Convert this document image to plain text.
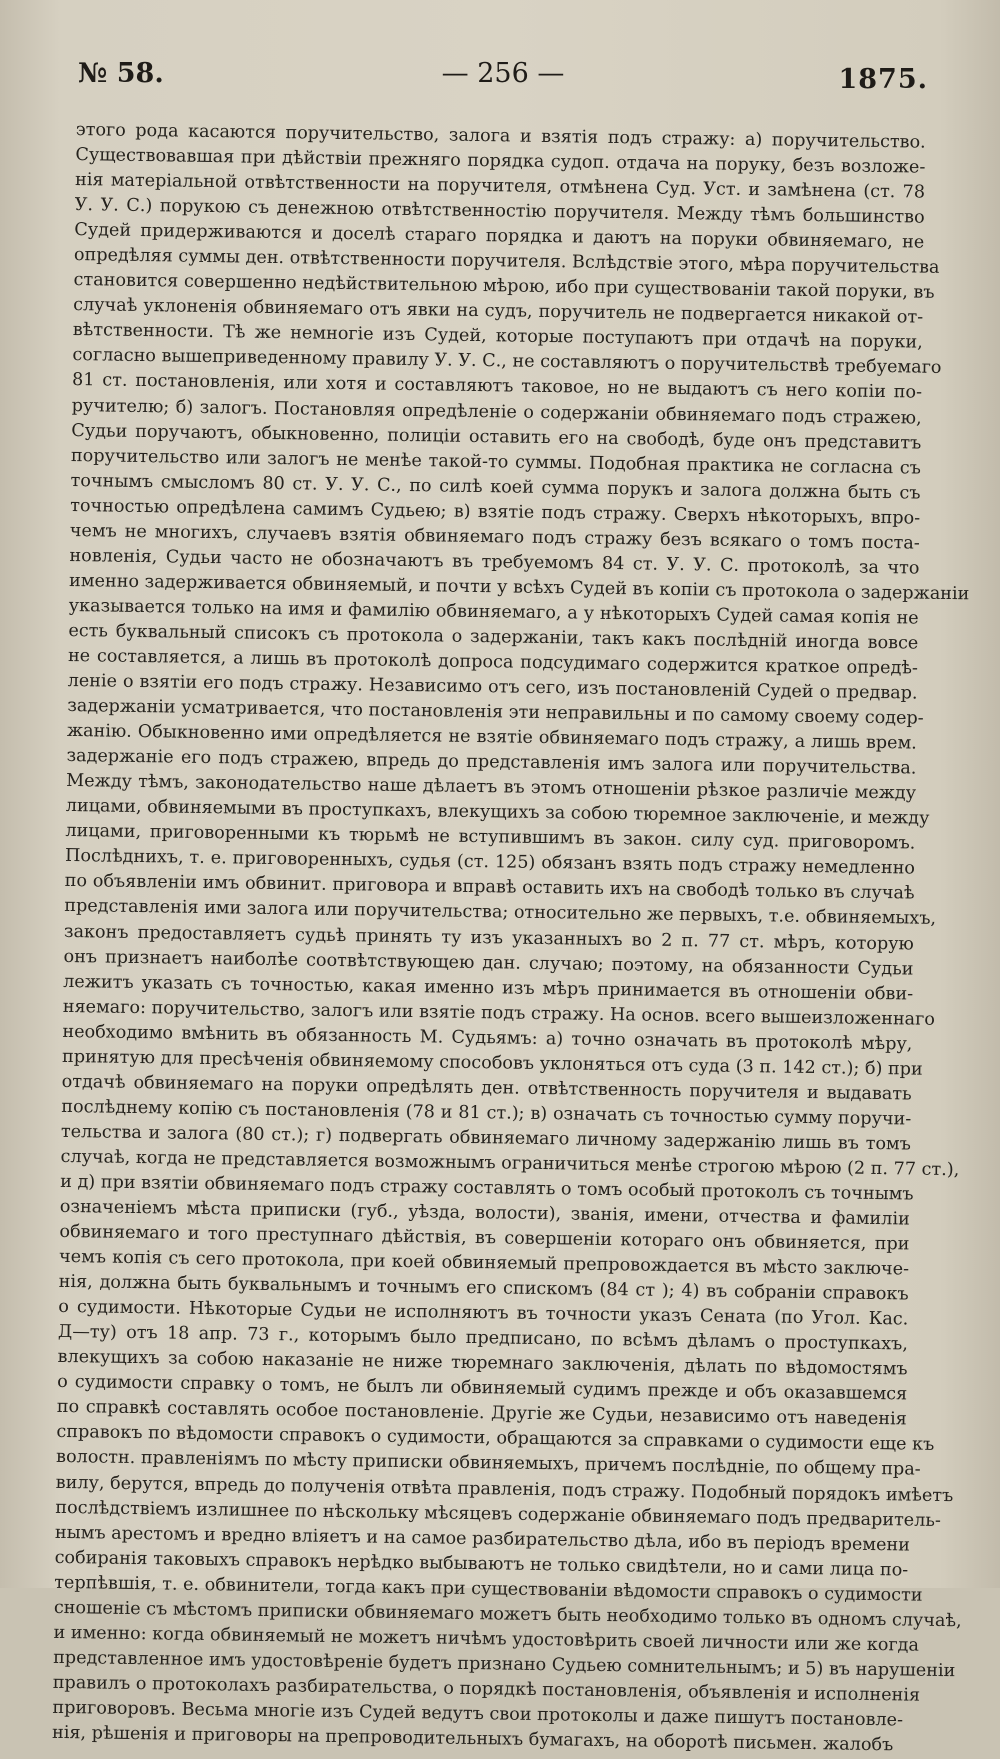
№ 58.	— 256 —	1875.
этого рода касаются поручительство, залога и взятія подъ стражу: а) поручительство.
Существовавшая при дѣйствіи прежняго порядка судоп. отдача на поруку, безъ возложе-
нія матеріальной отвѣтственности на поручителя, отмѣнена Суд. Уст. и замѣнена (ст. 78
У. У. С.) порукою съ денежною отвѣтственностію поручителя. Между тѣмъ большинство
Судей придерживаются и доселѣ стараго порядка и даютъ на поруки обвиняемаго, не
опредѣляя суммы ден. отвѣтственности поручителя. Вслѣдствіе этого, мѣра поручительства
становится совершенно недѣйствительною мѣрою, ибо при существованіи такой поруки, въ
случаѣ уклоненія обвиняемаго отъ явки на судъ, поручитель не подвергается никакой от-
вѣтственности. Тѣ же немногіе изъ Судей, которые поступаютъ при отдачѣ на поруки,
согласно вышеприведенному правилу У. У. С., не составляютъ о поручительствѣ требуемаго
81 ст. постановленія, или хотя и составляютъ таковое, но не выдаютъ съ него копіи по-
ручителю; б) залогъ. Постановляя опредѣленіе о содержаніи обвиняемаго подъ стражею,
Судьи поручаютъ, обыкновенно, полиціи оставить его на свободѣ, буде онъ представитъ
поручительство или залогъ не менѣе такой-то суммы. Подобная практика не согласна съ
точнымъ смысломъ 80 ст. У. У. С., по силѣ коей сумма порукъ и залога должна быть съ
точностью опредѣлена самимъ Судьею; в) взятіе подъ стражу. Сверхъ нѣкоторыхъ, впро-
чемъ не многихъ, случаевъ взятія обвиняемаго подъ стражу безъ всякаго о томъ поста-
новленія, Судьи часто не обозначаютъ въ требуемомъ 84 ст. У. У. С. протоколѣ, за что
именно задерживается обвиняемый, и почти у всѣхъ Судей въ копіи съ протокола о задержаніи
указывается только на имя и фамилію обвиняемаго, а у нѣкоторыхъ Судей самая копія не
есть буквальный списокъ съ протокола о задержаніи, такъ какъ послѣдній иногда вовсе
не составляется, а лишь въ протоколѣ допроса подсудимаго содержится краткое опредѣ-
леніе о взятіи его подъ стражу. Независимо отъ сего, изъ постановленій Судей о предвар.
задержаніи усматривается, что постановленія эти неправильны и по самому своему содер-
жанію. Обыкновенно ими опредѣляется не взятіе обвиняемаго подъ стражу, а лишь врем.
задержаніе его подъ стражею, впредь до представленія имъ залога или поручительства.
Между тѣмъ, законодательство наше дѣлаетъ въ этомъ отношеніи рѣзкое различіе между
лицами, обвиняемыми въ проступкахъ, влекущихъ за собою тюремное заключеніе, и между
лицами, приговоренными къ тюрьмѣ не вступившимъ въ закон. силу суд. приговоромъ.
Послѣднихъ, т. е. приговоренныхъ, судья (ст. 125) обязанъ взять подъ стражу немедленно
по объявленіи имъ обвинит. приговора и вправѣ оставить ихъ на свободѣ только въ случаѣ
представленія ими залога или поручительства; относительно же первыхъ, т.е. обвиняемыхъ,
законъ предоставляетъ судьѣ принять ту изъ указанныхъ во 2 п. 77 ст. мѣръ, которую
онъ признаетъ наиболѣе соотвѣтствующею дан. случаю; поэтому, на обязанности Судьи
лежитъ указать съ точностью, какая именно изъ мѣръ принимается въ отношеніи обви-
няемаго: поручительство, залогъ или взятіе подъ стражу. На основ. всего вышеизложеннаго
необходимо вмѣнить въ обязанность М. Судьямъ: а) точно означать въ протоколѣ мѣру,
принятую для пресѣченія обвиняемому способовъ уклоняться отъ суда (3 п. 142 ст.); б) при
отдачѣ обвиняемаго на поруки опредѣлять ден. отвѣтственность поручителя и выдавать
послѣднему копію съ постановленія (78 и 81 ст.); в) означать съ точностью сумму поручи-
тельства и залога (80 ст.); г) подвергать обвиняемаго личному задержанію лишь въ томъ
случаѣ, когда не представляется возможнымъ ограничиться менѣе строгою мѣрою (2 п. 77 ст.),
и д) при взятіи обвиняемаго подъ стражу составлять о томъ особый протоколъ съ точнымъ
означеніемъ мѣста приписки (губ., уѣзда, волости), званія, имени, отчества и фамиліи
обвиняемаго и того преступнаго дѣйствія, въ совершеніи котораго онъ обвиняется, при
чемъ копія съ сего протокола, при коей обвиняемый препровождается въ мѣсто заключе-
нія, должна быть буквальнымъ и точнымъ его спискомъ (84 ст ); 4) въ собраніи справокъ
о судимости. Нѣкоторые Судьи не исполняютъ въ точности указъ Сената (по Угол. Кас.
Д—ту) отъ 18 апр. 73 г., которымъ было предписано, по всѣмъ дѣламъ о проступкахъ,
влекущихъ за собою наказаніе не ниже тюремнаго заключенія, дѣлать по вѣдомостямъ
о судимости справку о томъ, не былъ ли обвиняемый судимъ прежде и объ оказавшемся
по справкѣ составлять особое постановленіе. Другіе же Судьи, независимо отъ наведенія
справокъ по вѣдомости справокъ о судимости, обращаются за справками о судимости еще къ
волостн. правленіямъ по мѣсту приписки обвиняемыхъ, причемъ послѣдніе, по общему пра-
вилу, берутся, впредь до полученія отвѣта правленія, подъ стражу. Подобный порядокъ имѣетъ
послѣдствіемъ излишнее по нѣскольку мѣсяцевъ содержаніе обвиняемаго подъ предваритель-
нымъ арестомъ и вредно вліяетъ и на самое разбирательство дѣла, ибо въ періодъ времени
собиранія таковыхъ справокъ нерѣдко выбываютъ не только свидѣтели, но и сами лица по-
терпѣвшія, т. е. обвинители, тогда какъ при существованіи вѣдомости справокъ о судимости
сношеніе съ мѣстомъ приписки обвиняемаго можетъ быть необходимо только въ одномъ случаѣ,
и именно: когда обвиняемый не можетъ ничѣмъ удостовѣрить своей личности или же когда
представленное имъ удостовѣреніе будетъ признано Судьею сомнительнымъ; и 5) въ нарушеніи
правилъ о протоколахъ разбирательства, о порядкѣ постановленія, объявленія и исполненія
приговоровъ. Весьма многіе изъ Судей ведутъ свои протоколы и даже пишутъ постановле-
нія, рѣшенія и приговоры на препроводительныхъ бумагахъ, на оборотѣ письмен. жалобъ
